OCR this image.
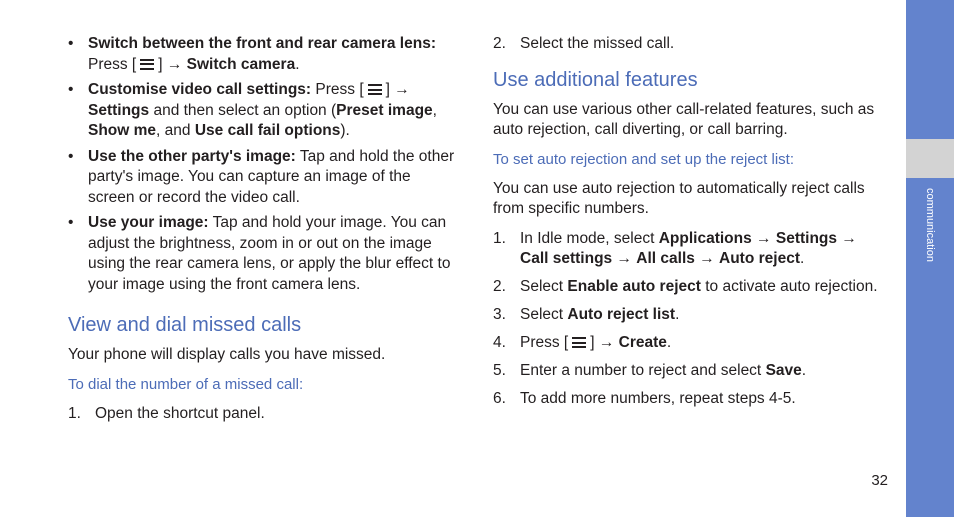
• Switch between the front and rear camera lens: Press [ ] → Switch camera.
• Customise video call settings: Press [ ] → Settings and then select an option (Preset image, Show me, and Use call fail options).
• Use the other party's image: Tap and hold the other party's image. You can capture an image of the screen or record the video call.
• Use your image: Tap and hold your image. You can adjust the brightness, zoom in or out on the image using the rear camera lens, or apply the blur effect to your image using the front camera lens.
View and dial missed calls

Your phone will display calls you have missed.

To dial the number of a missed call:
1. Open the shortcut panel.
2. Select the missed call.
Use additional features

You can use various other call-related features, such as auto rejection, call diverting, or call barring.

To set auto rejection and set up the reject list:

You can use auto rejection to automatically reject calls from specific numbers.

1. In Idle mode, select Applications → Settings → Call settings → All calls → Auto reject.
2. Select Enable auto reject to activate auto rejection.
3. Select Auto reject list.
4. Press [ ] → Create.
5. Enter a number to reject and select Save.
6. To add more numbers, repeat steps 4-5.
32
communication
